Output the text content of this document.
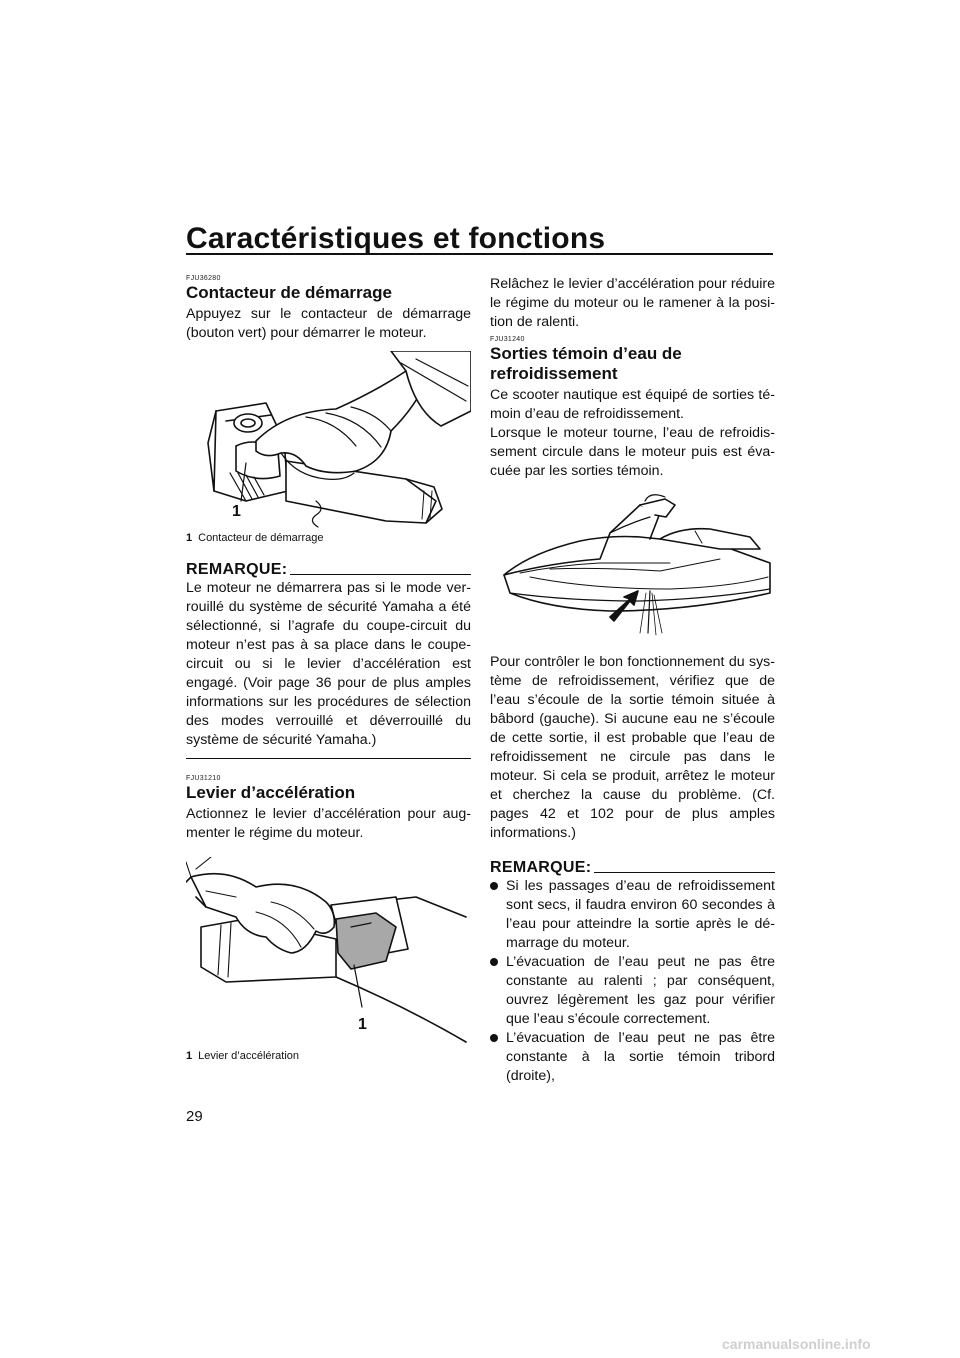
Caractéristiques et fonctions

FJU36280

Contacteur de démarrage

Appuyez sur le contacteur de démarrage (bouton vert) pour démarrer le moteur.

1

1 Contacteur de démarrage

REMARQUE:

Le moteur ne démarrera pas si le mode verrouillé du système de sécurité Yamaha a été sélectionné, si l’agrafe du coupe-circuit du moteur n’est pas à sa place dans le coupe-circuit ou si le levier d’accélération est engagé. (Voir page 36 pour de plus amples informations sur les procédures de sélection des modes verrouillé et déverrouillé du système de sécurité Yamaha.)

FJU31210

Levier d’accélération

Actionnez le levier d’accélération pour augmenter le régime du moteur.

1

1 Levier d’accélération

Relâchez le levier d’accélération pour réduire le régime du moteur ou le ramener à la position de ralenti.

FJU31240

Sorties témoin d’eau de refroidissement

Ce scooter nautique est équipé de sorties témoin d’eau de refroidissement.

Lorsque le moteur tourne, l’eau de refroidissement circule dans le moteur puis est évacuée par les sorties témoin.

Pour contrôler le bon fonctionnement du système de refroidissement, vérifiez que de l’eau s’écoule de la sortie témoin située à bâbord (gauche). Si aucune eau ne s’écoule de cette sortie, il est probable que l’eau de refroidissement ne circule pas dans le moteur. Si cela se produit, arrêtez le moteur et cherchez la cause du problème. (Cf. pages 42 et 102 pour de plus amples informations.)

REMARQUE:
Si les passages d’eau de refroidissement sont secs, il faudra environ 60 secondes à l’eau pour atteindre la sortie après le démarrage du moteur.
L’évacuation de l’eau peut ne pas être constante au ralenti ; par conséquent, ouvrez légèrement les gaz pour vérifier que l’eau s’écoule correctement.
L’évacuation de l’eau peut ne pas être constante à la sortie témoin tribord (droite),

29

carmanualsonline.info
